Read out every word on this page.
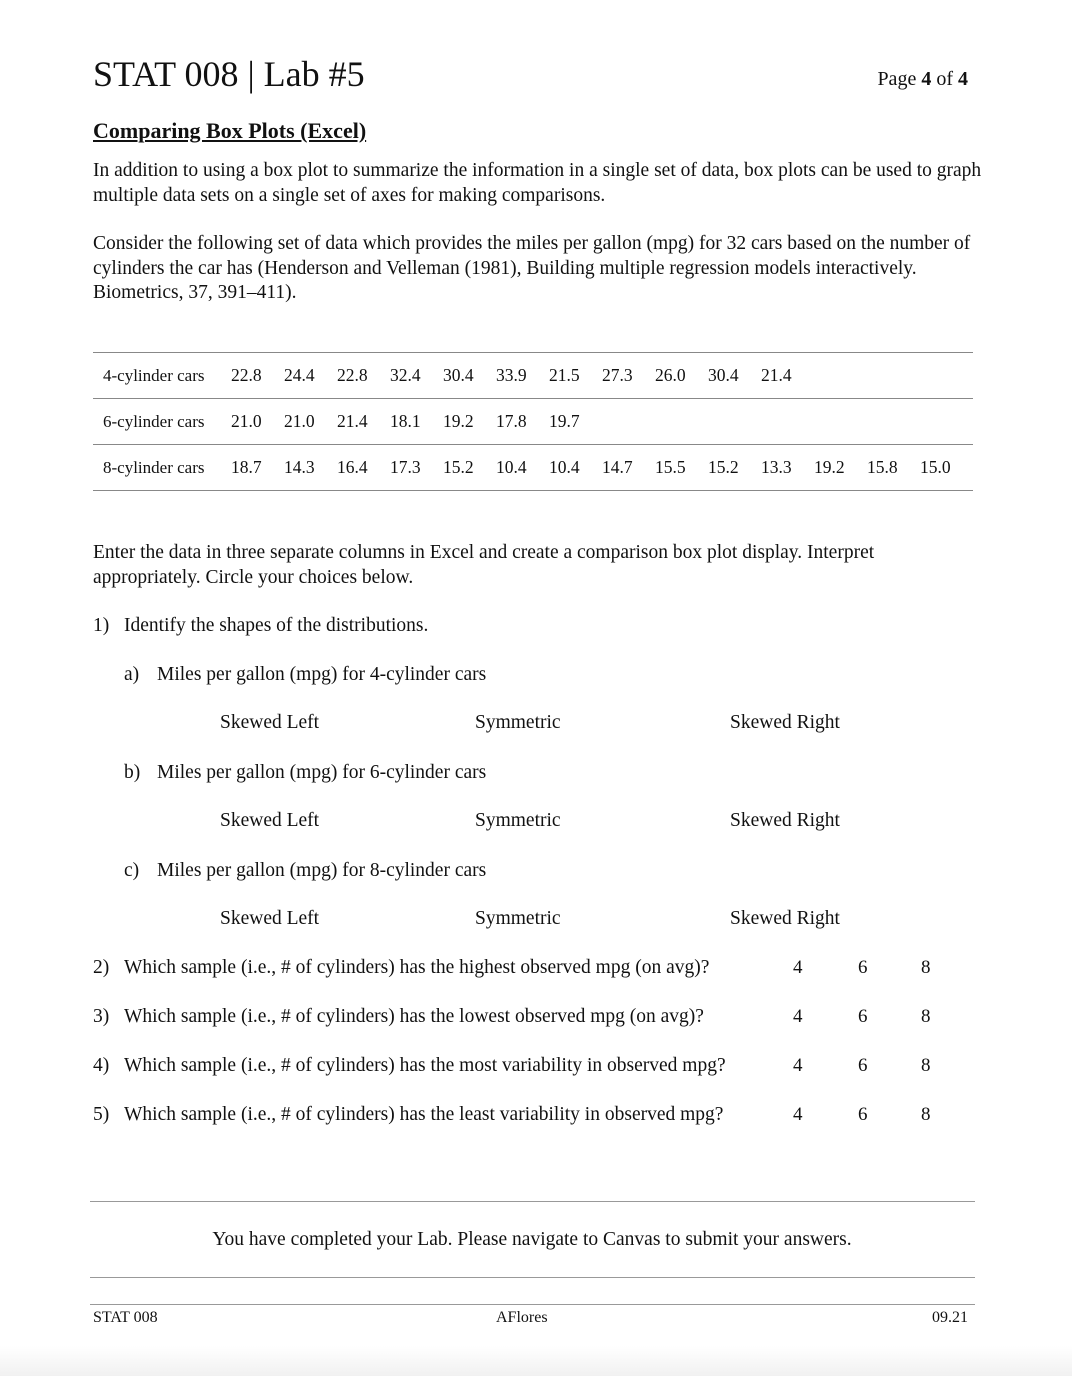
STAT 008 | Lab #5	Page 4 of 4
Comparing Box Plots (Excel)
In addition to using a box plot to summarize the information in a single set of data, box plots can be used to graph multiple data sets on a single set of axes for making comparisons.
Consider the following set of data which provides the miles per gallon (mpg) for 32 cars based on the number of cylinders the car has (Henderson and Velleman (1981), Building multiple regression models interactively. Biometrics, 37, 391–411).
4-cylinder cars	22.8 24.4 22.8 32.4 30.4 33.9 21.5 27.3 26.0 30.4 21.4
6-cylinder cars	21.0 21.0 21.4 18.1 19.2 17.8 19.7
8-cylinder cars	18.7 14.3 16.4 17.3 15.2 10.4 10.4 14.7 15.5 15.2 13.3 19.2 15.8 15.0
Enter the data in three separate columns in Excel and create a comparison box plot display. Interpret appropriately. Circle your choices below.
1) Identify the shapes of the distributions.
a) Miles per gallon (mpg) for 4-cylinder cars
Skewed Left	Symmetric	Skewed Right
b) Miles per gallon (mpg) for 6-cylinder cars
Skewed Left	Symmetric	Skewed Right
c) Miles per gallon (mpg) for 8-cylinder cars
Skewed Left	Symmetric	Skewed Right
2) Which sample (i.e., # of cylinders) has the highest observed mpg (on avg)?	4	6	8
3) Which sample (i.e., # of cylinders) has the lowest observed mpg (on avg)?	4	6	8
4) Which sample (i.e., # of cylinders) has the most variability in observed mpg?	4	6	8
5) Which sample (i.e., # of cylinders) has the least variability in observed mpg?	4	6	8
You have completed your Lab. Please navigate to Canvas to submit your answers.
STAT 008	AFlores	09.21
